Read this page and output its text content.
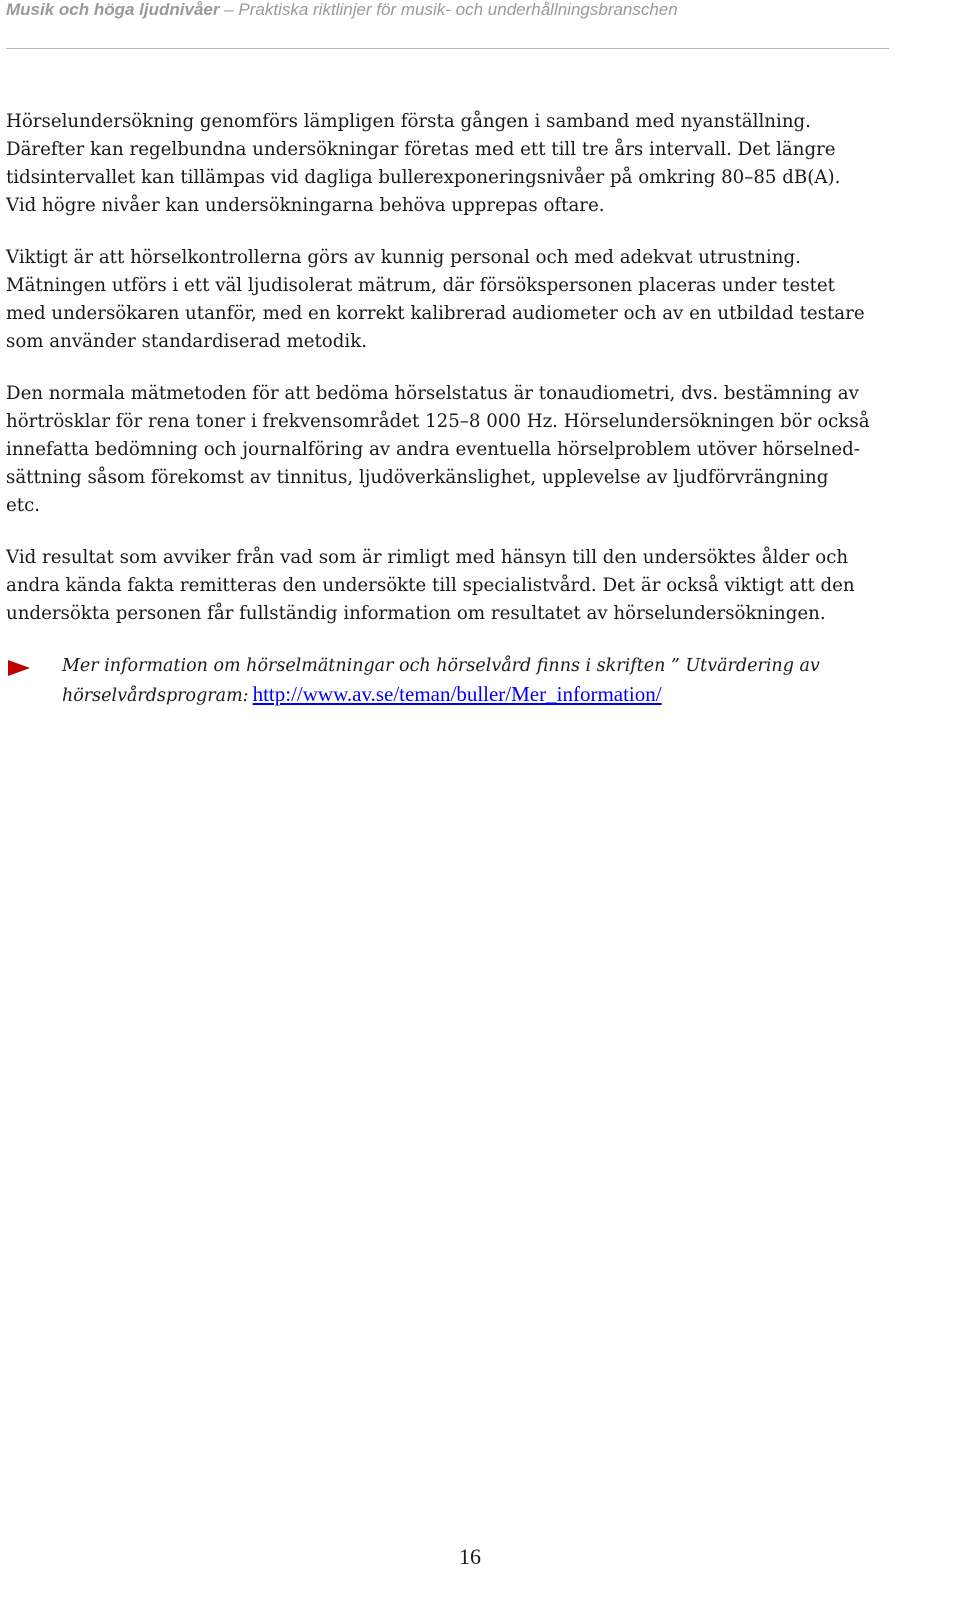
Musik och höga ljudnivåer – Praktiska riktlinjer för musik- och underhållningsbranschen

Hörselundersökning genomförs lämpligen första gången i samband med nyanställning.
Därefter kan regelbundna undersökningar företas med ett till tre års intervall. Det längre
tidsintervallet kan tillämpas vid dagliga bullerexponeringsnivåer på omkring 80–85 dB(A).
Vid högre nivåer kan undersökningarna behöva upprepas oftare.

Viktigt är att hörselkontrollerna görs av kunnig personal och med adekvat utrustning.
Mätningen utförs i ett väl ljudisolerat mätrum, där försökspersonen placeras under testet
med undersökaren utanför, med en korrekt kalibrerad audiometer och av en utbildad testare
som använder standardiserad metodik.

Den normala mätmetoden för att bedöma hörselstatus är tonaudiometri, dvs. bestämning av
hörtrösklar för rena toner i frekvensområdet 125–8 000 Hz. Hörselundersökningen bör också
innefatta bedömning och journalföring av andra eventuella hörselproblem utöver hörselned-
sättning såsom förekomst av tinnitus, ljudöverkänslighet, upplevelse av ljudförvrängning
etc.

Vid resultat som avviker från vad som är rimligt med hänsyn till den undersöktes ålder och
andra kända fakta remitteras den undersökte till specialistvård. Det är också viktigt att den
undersökta personen får fullständig information om resultatet av hörselundersökningen.

Mer information om hörselmätningar och hörselvård finns i skriften ” Utvärdering av
hörselvårdsprogram: http://www.av.se/teman/buller/Mer_information/
16
